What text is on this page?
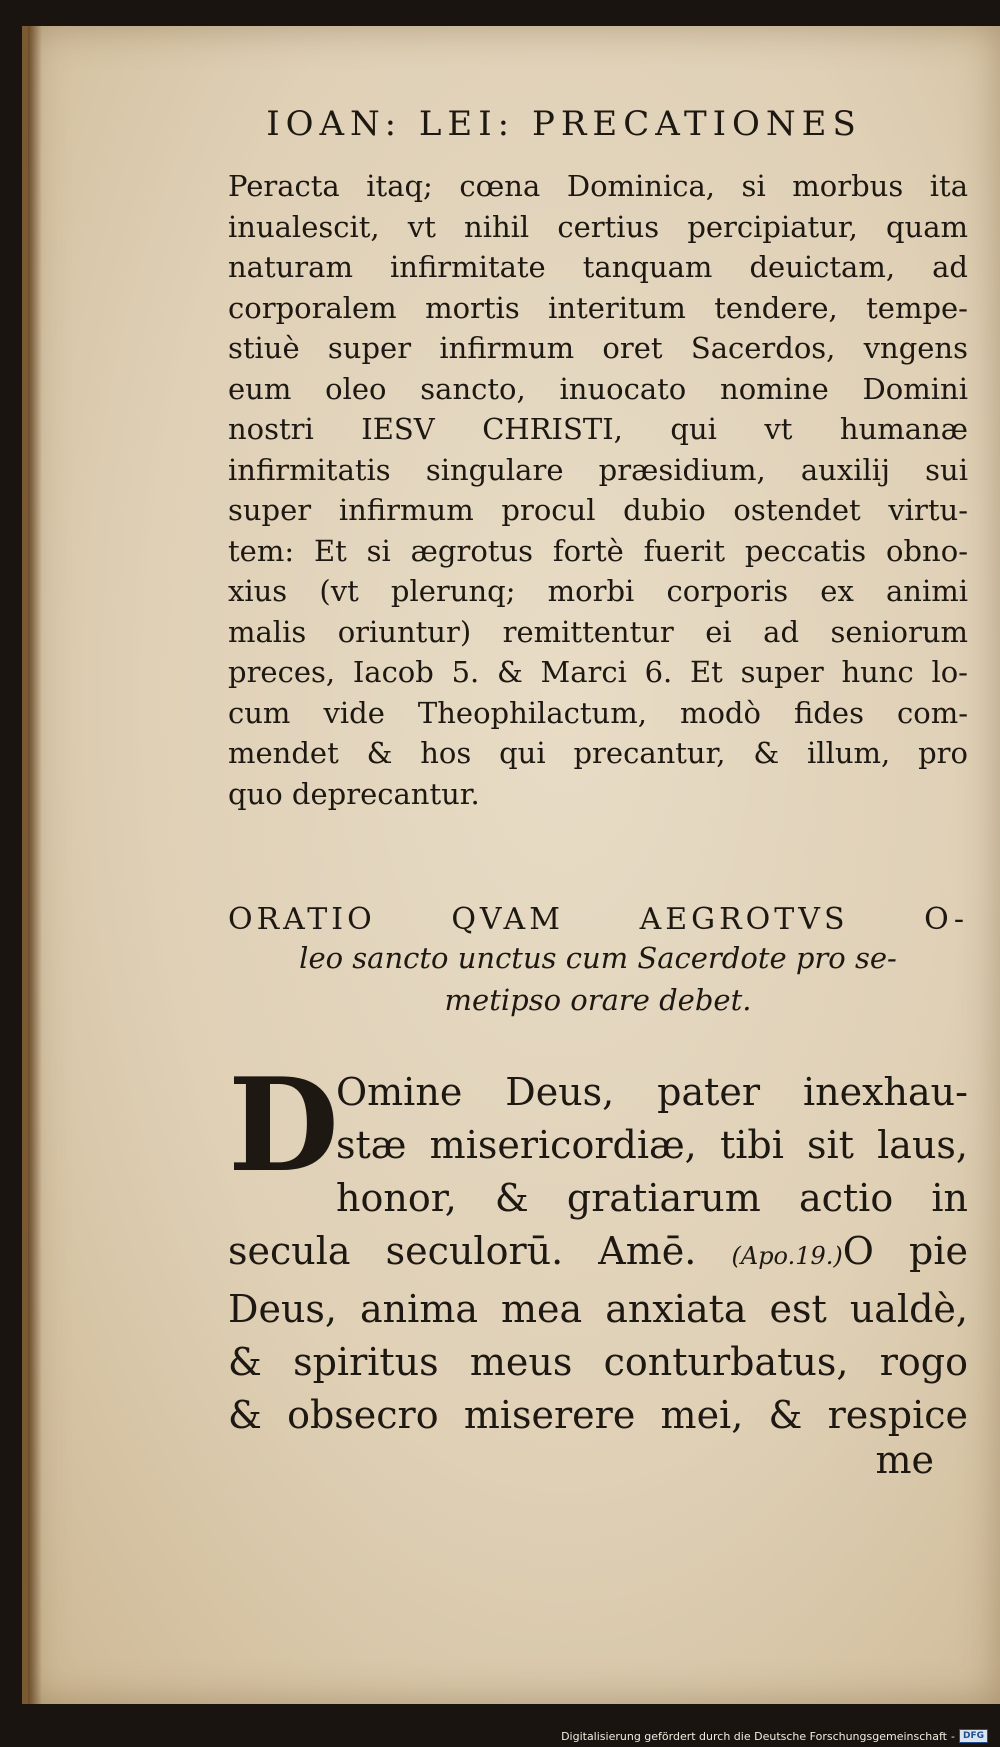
IOAN: LEI: PRECATIONES
Peracta itaq; cœna Dominica, si morbus ita
inualescit, vt nihil certius percipiatur, quam
naturam infirmitate tanquam deuictam, ad
corporalem mortis interitum tendere, tempe-
stiuè super infirmum oret Sacerdos, vngens
eum oleo sancto, inuocato nomine Domini
nostri IESV CHRISTI, qui vt humanæ
infirmitatis singulare præsidium, auxilij sui
super infirmum procul dubio ostendet virtu-
tem: Et si ægrotus fortè fuerit peccatis obno-
xius (vt plerunq; morbi corporis ex animi
malis oriuntur) remittentur ei ad seniorum
preces, Iacob 5. & Marci 6. Et super hunc lo-
cum vide Theophilactum, modò fides com-
mendet & hos qui precantur, & illum, pro
quo deprecantur.
ORATIO QVAM AEGROTVS O-
leo sancto unctus cum Sacerdote pro se-
metipso orare debet.
D
Omine Deus, pater inexhau-
stæ misericordiæ, tibi sit laus,
honor, & gratiarum actio in
secula seculorū. Amē. (Apo.19.)O pie
Deus, anima mea anxiata est ualdè,
& spiritus meus conturbatus, rogo
& obsecro miserere mei, & respice
me
Digitalisierung gefördert durch die Deutsche Forschungsgemeinschaft - DFG
